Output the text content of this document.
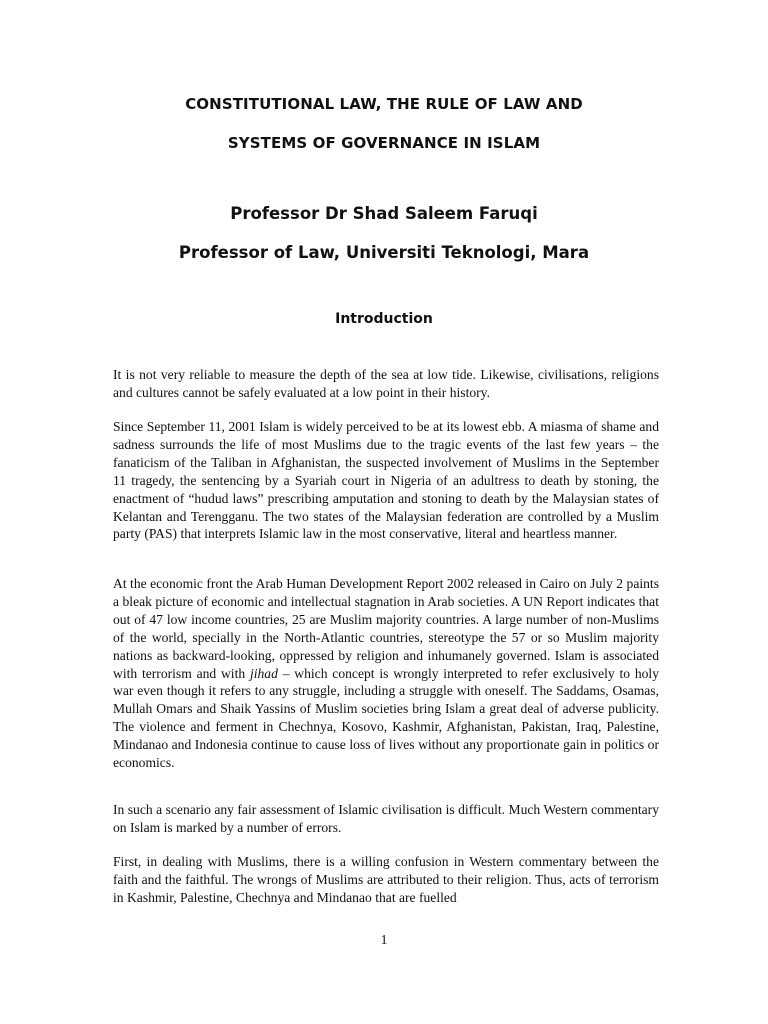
CONSTITUTIONAL LAW, THE RULE OF LAW AND

SYSTEMS OF GOVERNANCE IN ISLAM

Professor Dr Shad Saleem Faruqi

Professor of Law, Universiti Teknologi, Mara

Introduction

It is not very reliable to measure the depth of the sea at low tide. Likewise, civilisations, religions and cultures cannot be safely evaluated at a low point in their history.

Since September 11, 2001 Islam is widely perceived to be at its lowest ebb. A miasma of shame and sadness surrounds the life of most Muslims due to the tragic events of the last few years – the fanaticism of the Taliban in Afghanistan, the suspected involvement of Muslims in the September 11 tragedy, the sentencing by a Syariah court in Nigeria of an adultress to death by stoning, the enactment of “hudud laws” prescribing amputation and stoning to death by the Malaysian states of Kelantan and Terengganu. The two states of the Malaysian federation are controlled by a Muslim party (PAS) that interprets Islamic law in the most conservative, literal and heartless manner.

At the economic front the Arab Human Development Report 2002 released in Cairo on July 2 paints a bleak picture of economic and intellectual stagnation in Arab societies. A UN Report indicates that out of 47 low income countries, 25 are Muslim majority countries. A large number of non-Muslims of the world, specially in the North-Atlantic countries, stereotype the 57 or so Muslim majority nations as backward-looking, oppressed by religion and inhumanely governed. Islam is associated with terrorism and with jihad – which concept is wrongly interpreted to refer exclusively to holy war even though it refers to any struggle, including a struggle with oneself. The Saddams, Osamas, Mullah Omars and Shaik Yassins of Muslim societies bring Islam a great deal of adverse publicity. The violence and ferment in Chechnya, Kosovo, Kashmir, Afghanistan, Pakistan, Iraq, Palestine, Mindanao and Indonesia continue to cause loss of lives without any proportionate gain in politics or economics.

In such a scenario any fair assessment of Islamic civilisation is difficult. Much Western commentary on Islam is marked by a number of errors.

First, in dealing with Muslims, there is a willing confusion in Western commentary between the faith and the faithful. The wrongs of Muslims are attributed to their religion. Thus, acts of terrorism in Kashmir, Palestine, Chechnya and Mindanao that are fuelled

1
